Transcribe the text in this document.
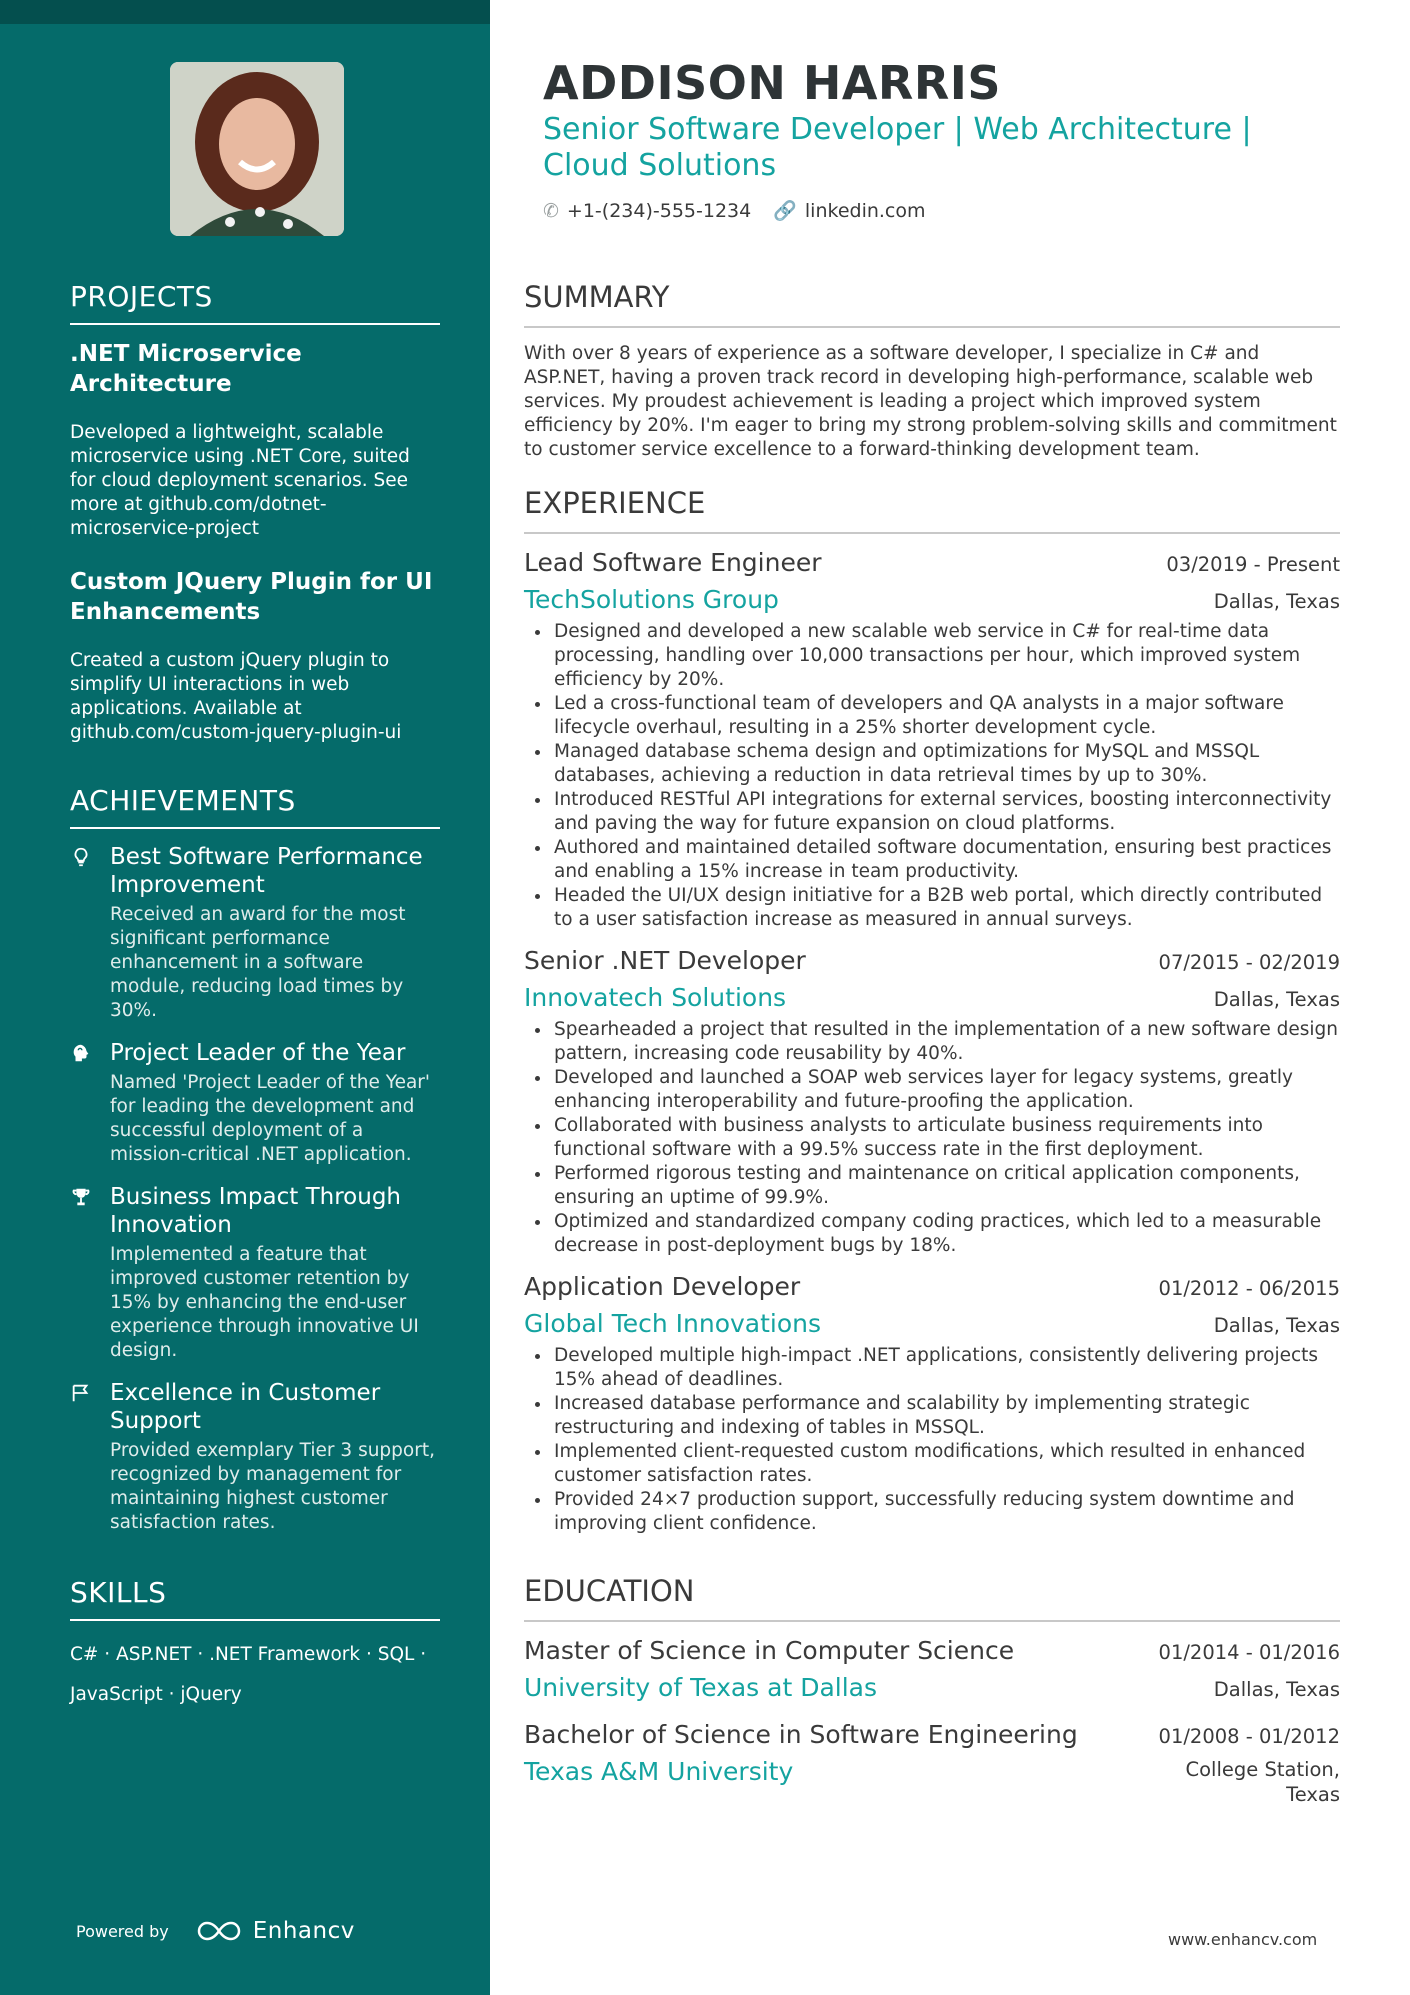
PROJECTS
.NET Microservice Architecture
Developed a lightweight, scalable microservice using .NET Core, suited for cloud deployment scenarios. See more at github.com/dotnet-microservice-project
Custom JQuery Plugin for UI Enhancements
Created a custom jQuery plugin to simplify UI interactions in web applications. Available at github.com/custom-jquery-plugin-ui
ACHIEVEMENTS
Best Software Performance Improvement
Received an award for the most significant performance enhancement in a software module, reducing load times by 30%.
Project Leader of the Year
Named 'Project Leader of the Year' for leading the development and successful deployment of a mission-critical .NET application.
Business Impact Through Innovation
Implemented a feature that improved customer retention by 15% by enhancing the end-user experience through innovative UI design.
Excellence in Customer Support
Provided exemplary Tier 3 support, recognized by management for maintaining highest customer satisfaction rates.
SKILLS
C# · ASP.NET · .NET Framework · SQL ·
JavaScript · jQuery
Powered by	Enhancv
ADDISON HARRIS
Senior Software Developer | Web Architecture | Cloud Solutions
✆ +1-(234)-555-1234 🔗 linkedin.com
SUMMARY
With over 8 years of experience as a software developer, I specialize in C# and ASP.NET, having a proven track record in developing high-performance, scalable web services. My proudest achievement is leading a project which improved system efficiency by 20%. I'm eager to bring my strong problem-solving skills and commitment to customer service excellence to a forward-thinking development team.
EXPERIENCE
Lead Software Engineer	03/2019 - Present
TechSolutions Group	Dallas, Texas
• Designed and developed a new scalable web service in C# for real-time data processing, handling over 10,000 transactions per hour, which improved system efficiency by 20%.
• Led a cross-functional team of developers and QA analysts in a major software lifecycle overhaul, resulting in a 25% shorter development cycle.
• Managed database schema design and optimizations for MySQL and MSSQL databases, achieving a reduction in data retrieval times by up to 30%.
• Introduced RESTful API integrations for external services, boosting interconnectivity and paving the way for future expansion on cloud platforms.
• Authored and maintained detailed software documentation, ensuring best practices and enabling a 15% increase in team productivity.
• Headed the UI/UX design initiative for a B2B web portal, which directly contributed to a user satisfaction increase as measured in annual surveys.
Senior .NET Developer	07/2015 - 02/2019
Innovatech Solutions	Dallas, Texas
• Spearheaded a project that resulted in the implementation of a new software design pattern, increasing code reusability by 40%.
• Developed and launched a SOAP web services layer for legacy systems, greatly enhancing interoperability and future-proofing the application.
• Collaborated with business analysts to articulate business requirements into functional software with a 99.5% success rate in the first deployment.
• Performed rigorous testing and maintenance on critical application components, ensuring an uptime of 99.9%.
• Optimized and standardized company coding practices, which led to a measurable decrease in post-deployment bugs by 18%.
Application Developer	01/2012 - 06/2015
Global Tech Innovations	Dallas, Texas
• Developed multiple high-impact .NET applications, consistently delivering projects 15% ahead of deadlines.
• Increased database performance and scalability by implementing strategic restructuring and indexing of tables in MSSQL.
• Implemented client-requested custom modifications, which resulted in enhanced customer satisfaction rates.
• Provided 24×7 production support, successfully reducing system downtime and improving client confidence.
EDUCATION
Master of Science in Computer Science	01/2014 - 01/2016
University of Texas at Dallas	Dallas, Texas
Bachelor of Science in Software Engineering	01/2008 - 01/2012
Texas A&M University	College Station, Texas
www.enhancv.com
